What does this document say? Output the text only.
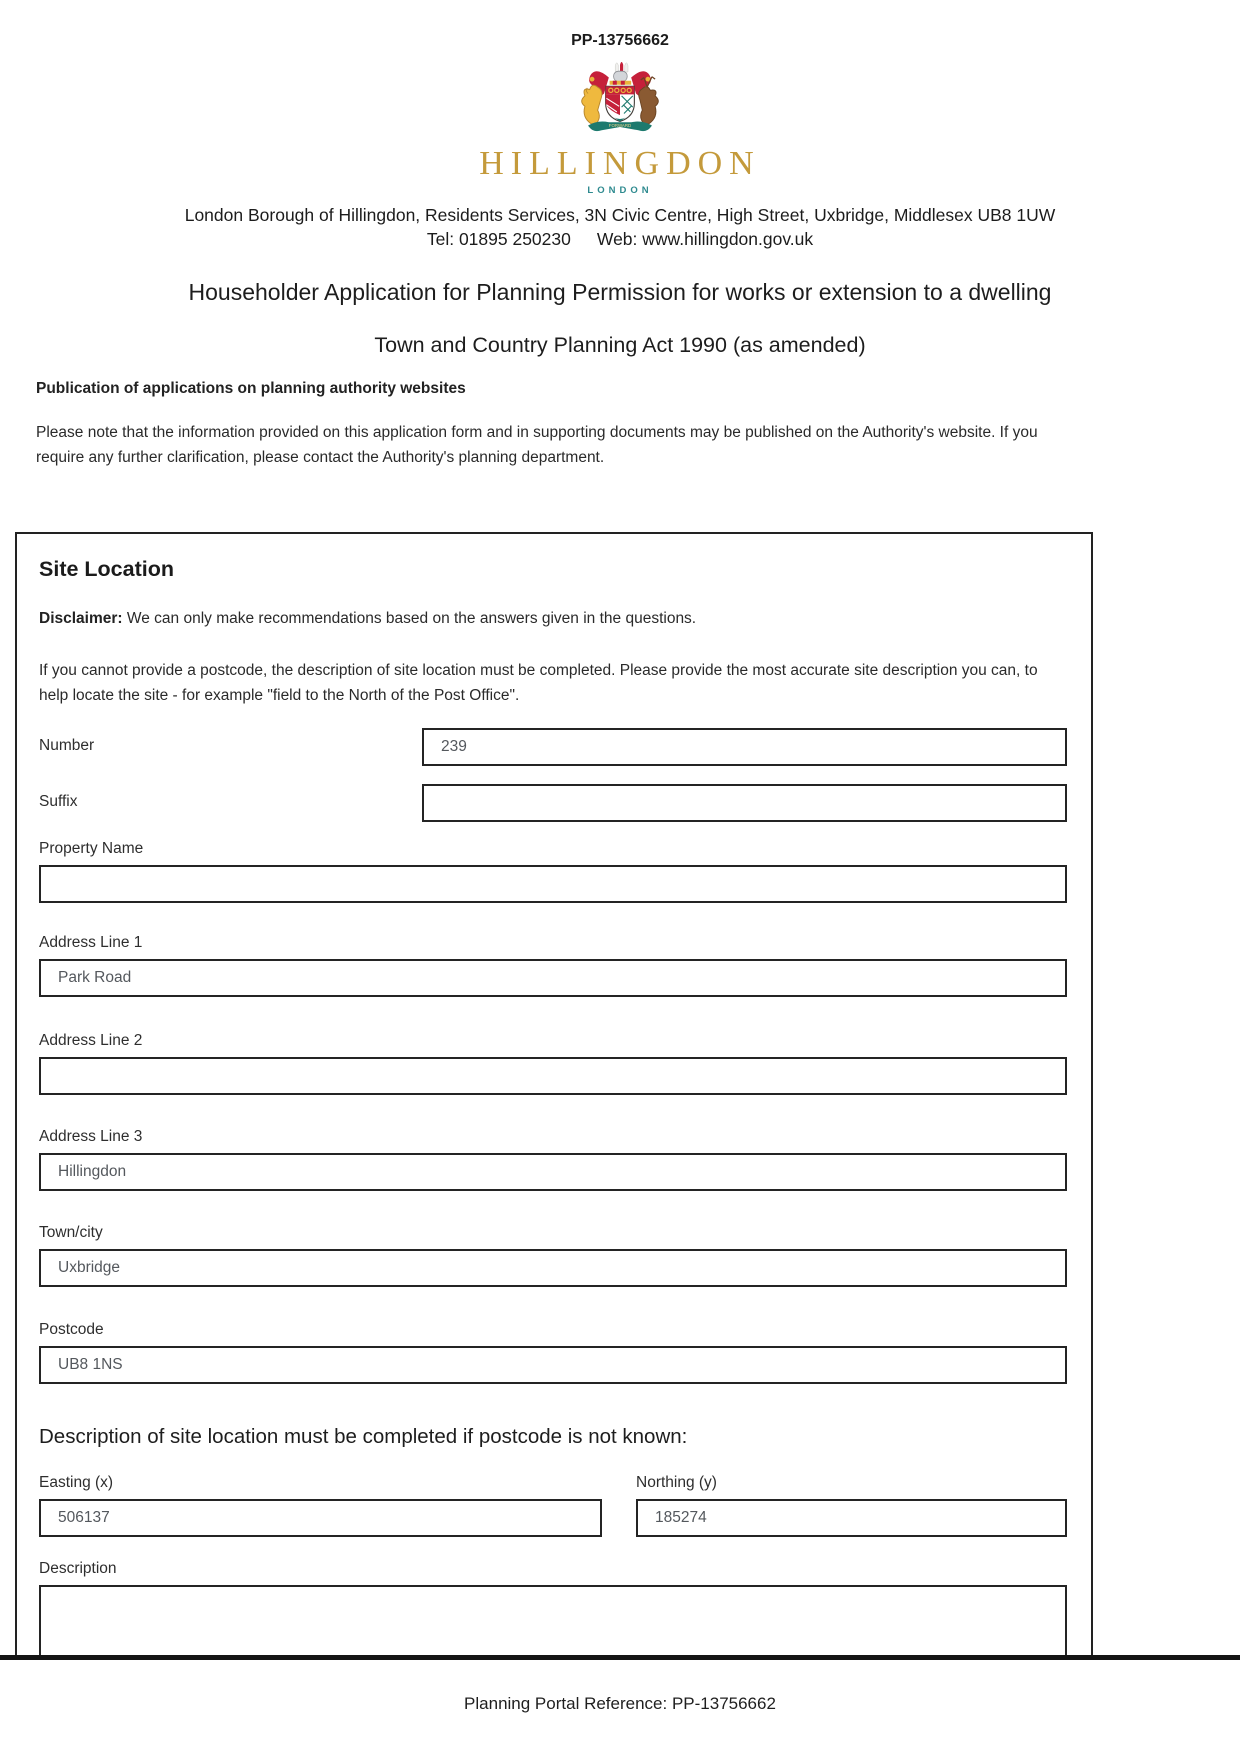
PP-13756662
FORWARD
HILLINGDON
LONDON
London Borough of Hillingdon, Residents Services, 3N Civic Centre, High Street, Uxbridge, Middlesex UB8 1UW
Tel: 01895 250230 Web: www.hillingdon.gov.uk
Householder Application for Planning Permission for works or extension to a dwelling
Town and Country Planning Act 1990 (as amended)
Publication of applications on planning authority websites
Please note that the information provided on this application form and in supporting documents may be published on the Authority's website. If you require any further clarification, please contact the Authority's planning department.
Site Location
Disclaimer: We can only make recommendations based on the answers given in the questions.
If you cannot provide a postcode, the description of site location must be completed. Please provide the most accurate site description you can, to help locate the site - for example "field to the North of the Post Office".
Number
239
Suffix
Property Name
Address Line 1
Park Road
Address Line 2
Address Line 3
Hillingdon
Town/city
Uxbridge
Postcode
UB8 1NS
Description of site location must be completed if postcode is not known:
Easting (x)
506137	Northing (y)
185274
Description
Planning Portal Reference: PP-13756662
